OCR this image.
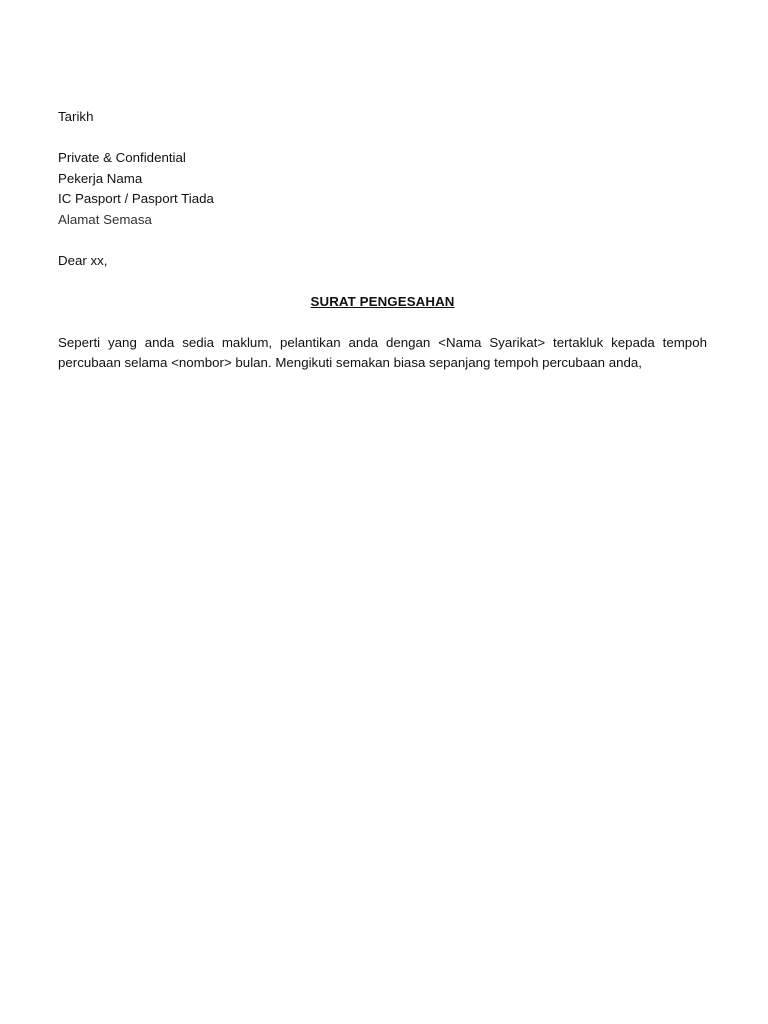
Tarikh
Private & Confidential
Pekerja Nama
IC Pasport / Pasport Tiada
Alamat Semasa
Dear xx,
SURAT PENGESAHAN
Seperti yang anda sedia maklum, pelantikan anda dengan <Nama Syarikat> tertakluk kepada tempoh percubaan selama <nombor> bulan. Mengikuti semakan biasa sepanjang tempoh percubaan anda,
